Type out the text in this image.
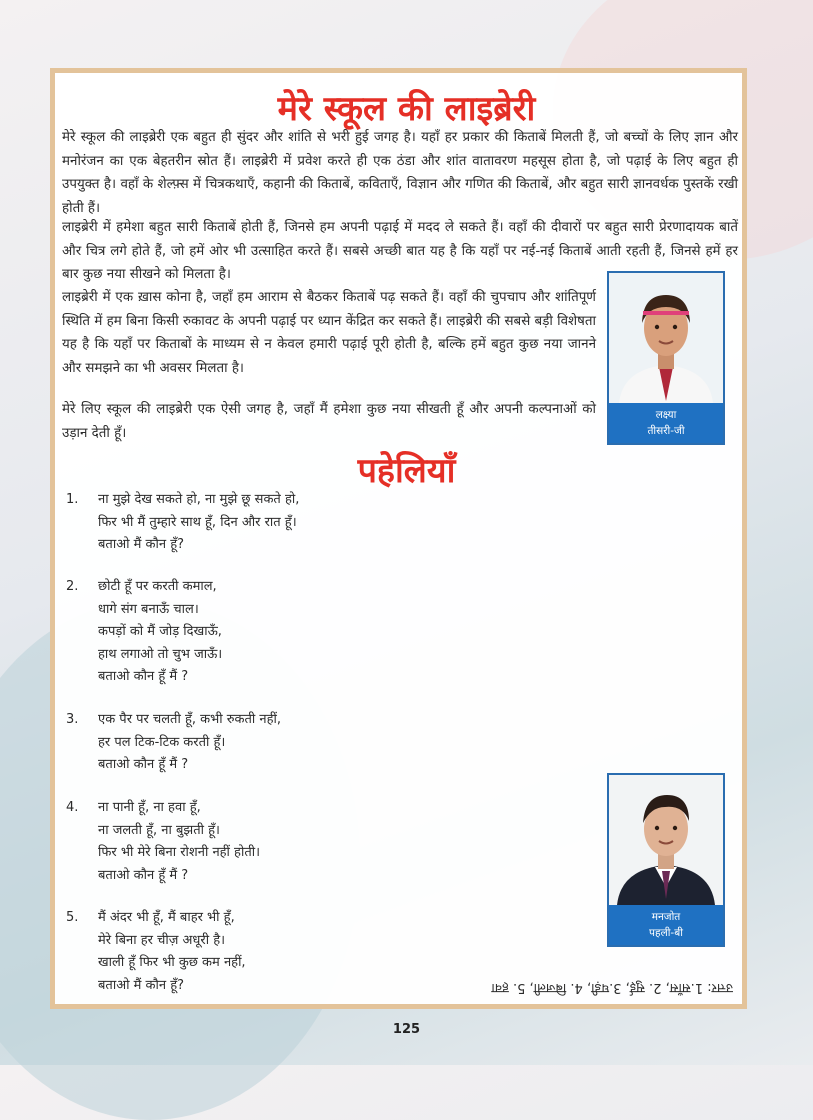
मेरे स्कूल की लाइब्रेरी

मेरे स्कूल की लाइब्रेरी एक बहुत ही सुंदर और शांति से भरी हुई जगह है। यहाँ हर प्रकार की किताबें मिलती हैं, जो बच्चों के लिए ज्ञान और मनोरंजन का एक बेहतरीन स्रोत हैं। लाइब्रेरी में प्रवेश करते ही एक ठंडा और शांत वातावरण महसूस होता है, जो पढ़ाई के लिए बहुत ही उपयुक्त है। वहाँ के शेल्फ़्स में चित्रकथाएँ, कहानी की किताबें, कविताएँ, विज्ञान और गणित की किताबें, और बहुत सारी ज्ञानवर्धक पुस्तकें रखी होती हैं।

लाइब्रेरी में हमेशा बहुत सारी किताबें होती हैं, जिनसे हम अपनी पढ़ाई में मदद ले सकते हैं। वहाँ की दीवारों पर बहुत सारी प्रेरणादायक बातें और चित्र लगे होते हैं, जो हमें ओर भी उत्साहित करते हैं। सबसे अच्छी बात यह है कि यहाँ पर नई-नई किताबें आती रहती हैं, जिनसे हमें हर बार कुछ नया सीखने को मिलता है।

लाइब्रेरी में एक ख़ास कोना है, जहाँ हम आराम से बैठकर किताबें पढ़ सकते हैं। वहाँ की चुपचाप और शांतिपूर्ण स्थिति में हम बिना किसी रुकावट के अपनी पढ़ाई पर ध्यान केंद्रित कर सकते हैं। लाइब्रेरी की सबसे बड़ी विशेषता यह है कि यहाँ पर किताबों के माध्यम से न केवल हमारी पढ़ाई पूरी होती है, बल्कि हमें बहुत कुछ नया जानने और समझने का भी अवसर मिलता है।

मेरे लिए स्कूल की लाइब्रेरी एक ऐसी जगह है, जहाँ मैं हमेशा कुछ नया सीखती हूँ और अपनी कल्पनाओं को उड़ान देती हूँ।

लक्ष्या
तीसरी-जी
पहेलियाँ
1.	ना मुझे देख सकते हो, ना मुझे छू सकते हो,
फिर भी मैं तुम्हारे साथ हूँ, दिन और रात हूँ।
बताओ मैं कौन हूँ?
2.	छोटी हूँ पर करती कमाल,
धागे संग बनाऊँ चाल।
कपड़ों को मैं जोड़ दिखाऊँ,
हाथ लगाओ तो चुभ जाऊँ।
बताओ कौन हूँ मैं ?
3.	एक पैर पर चलती हूँ, कभी रुकती नहीं,
हर पल टिक-टिक करती हूँ।
बताओ कौन हूँ मैं ?
4.	ना पानी हूँ, ना हवा हूँ,
ना जलती हूँ, ना बुझती हूँ।
फिर भी मेरे बिना रोशनी नहीं होती।
बताओ कौन हूँ मैं ?
5.	मैं अंदर भी हूँ, मैं बाहर भी हूँ,
मेरे बिना हर चीज़ अधूरी है।
खाली हूँ फिर भी कुछ कम नहीं,
बताओ मैं कौन हूँ?
मनजोत
पहली-बी
उत्तर: 1.साँस, 2. सुई, 3.घड़ी, 4. बिजली, 5. हवा
125
